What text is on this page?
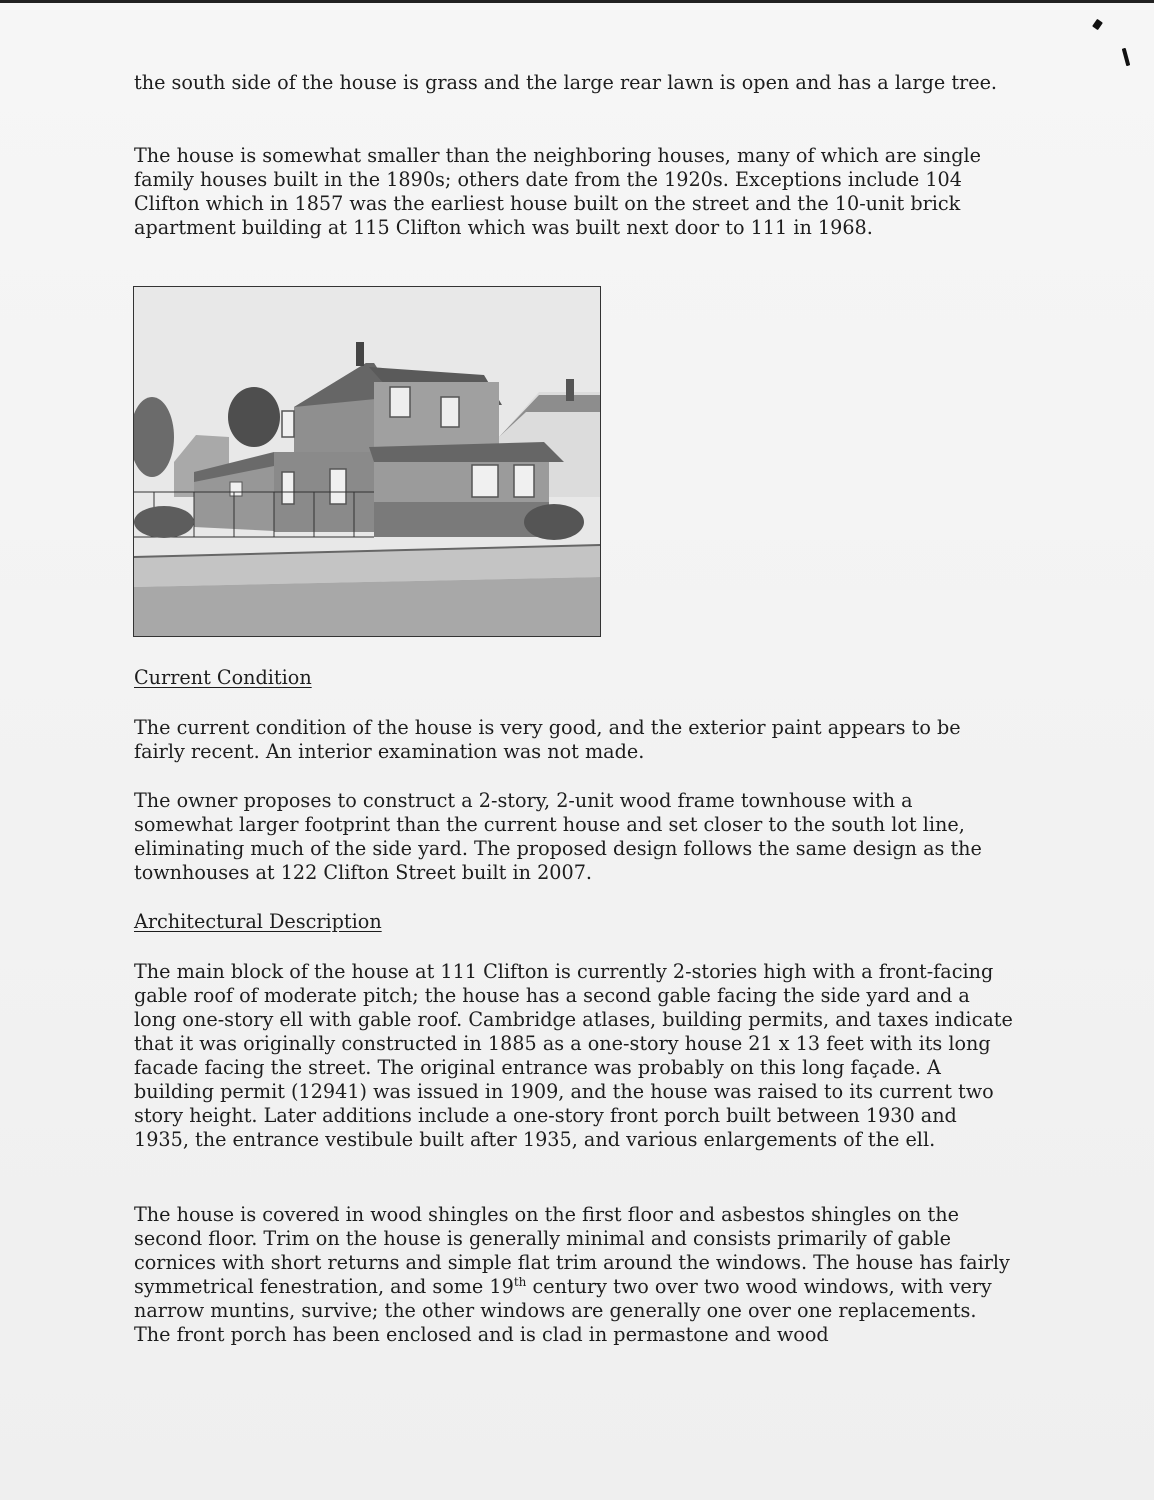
the south side of the house is grass and the large rear lawn is open and has a large tree.

The house is somewhat smaller than the neighboring houses, many of which are single family houses built in the 1890s; others date from the 1920s. Exceptions include 104 Clifton which in 1857 was the earliest house built on the street and the 10-unit brick apartment building at 115 Clifton which was built next door to 111 in 1968.

Current Condition

The current condition of the house is very good, and the exterior paint appears to be fairly recent. An interior examination was not made.

The owner proposes to construct a 2-story, 2-unit wood frame townhouse with a somewhat larger footprint than the current house and set closer to the south lot line, eliminating much of the side yard. The proposed design follows the same design as the townhouses at 122 Clifton Street built in 2007.

Architectural Description

The main block of the house at 111 Clifton is currently 2-stories high with a front-facing gable roof of moderate pitch; the house has a second gable facing the side yard and a long one-story ell with gable roof. Cambridge atlases, building permits, and taxes indicate that it was originally constructed in 1885 as a one-story house 21 x 13 feet with its long facade facing the street. The original entrance was probably on this long façade. A building permit (12941) was issued in 1909, and the house was raised to its current two story height. Later additions include a one-story front porch built between 1930 and 1935, the entrance vestibule built after 1935, and various enlargements of the ell.

The house is covered in wood shingles on the first floor and asbestos shingles on the second floor. Trim on the house is generally minimal and consists primarily of gable cornices with short returns and simple flat trim around the windows. The house has fairly symmetrical fenestration, and some 19th century two over two wood windows, with very narrow muntins, survive; the other windows are generally one over one replacements. The front porch has been enclosed and is clad in permastone and wood
